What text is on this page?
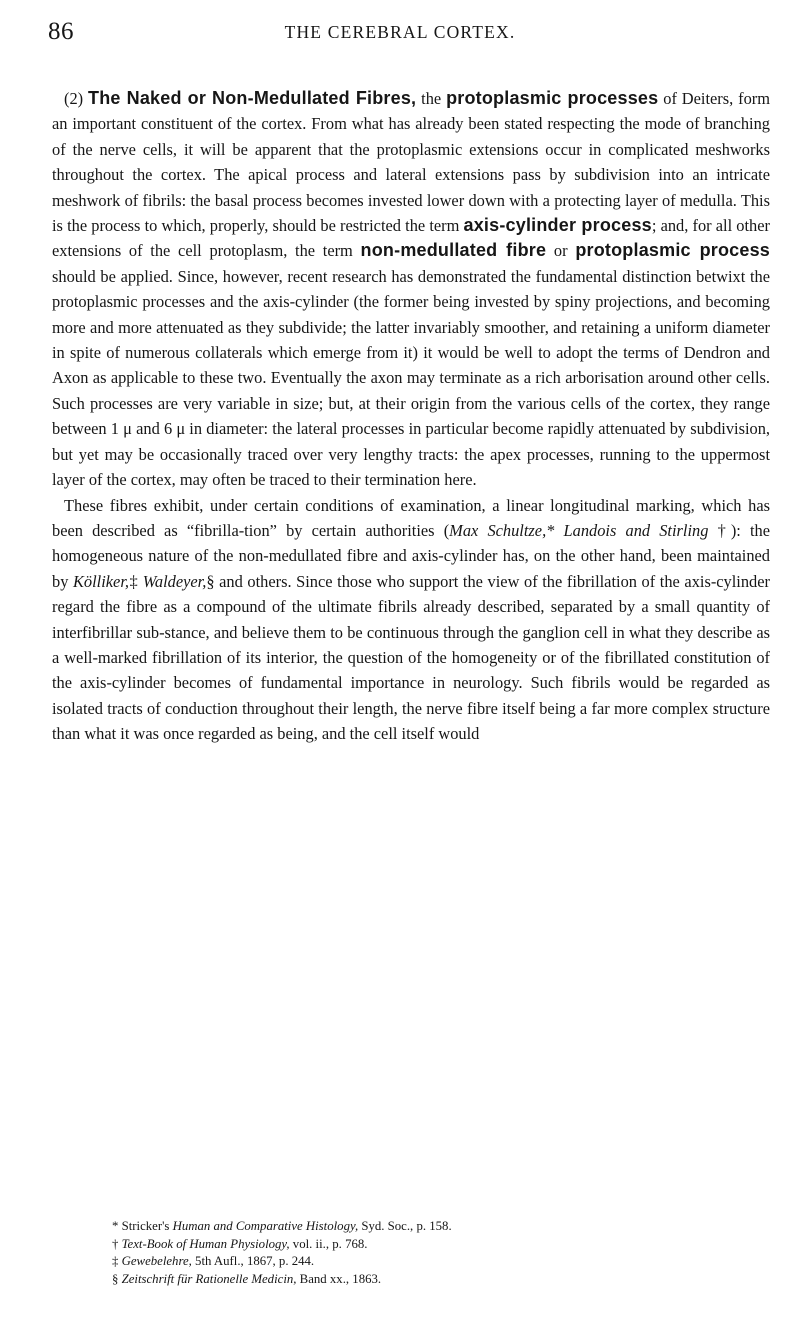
86	THE CEREBRAL CORTEX.

(2) The Naked or Non-Medullated Fibres, the protoplasmic processes of Deiters, form an important constituent of the cortex. From what has already been stated respecting the mode of branching of the nerve cells, it will be apparent that the protoplasmic extensions occur in complicated meshworks throughout the cortex. The apical process and lateral extensions pass by subdivision into an intricate meshwork of fibrils: the basal process becomes invested lower down with a protecting layer of medulla. This is the process to which, properly, should be restricted the term axis-cylinder process; and, for all other extensions of the cell protoplasm, the term non-medullated fibre or protoplasmic process should be applied. Since, however, recent research has demonstrated the fundamental distinction betwixt the protoplasmic processes and the axis-cylinder (the former being invested by spiny projections, and becoming more and more attenuated as they subdivide; the latter invariably smoother, and retaining a uniform diameter in spite of numerous collaterals which emerge from it) it would be well to adopt the terms of Dendron and Axon as applicable to these two. Eventually the axon may terminate as a rich arborisation around other cells. Such processes are very variable in size; but, at their origin from the various cells of the cortex, they range between 1 μ and 6 μ in diameter: the lateral processes in particular become rapidly attenuated by subdivision, but yet may be occasionally traced over very lengthy tracts: the apex processes, running to the uppermost layer of the cortex, may often be traced to their termination here.

These fibres exhibit, under certain conditions of examination, a linear longitudinal marking, which has been described as “fibrilla-tion” by certain authorities (Max Schultze,* Landois and Stirling †): the homogeneous nature of the non-medullated fibre and axis-cylinder has, on the other hand, been maintained by Kölliker,‡ Waldeyer,§ and others. Since those who support the view of the fibrillation of the axis-cylinder regard the fibre as a compound of the ultimate fibrils already described, separated by a small quantity of interfibrillar sub-stance, and believe them to be continuous through the ganglion cell in what they describe as a well-marked fibrillation of its interior, the question of the homogeneity or of the fibrillated constitution of the axis-cylinder becomes of fundamental importance in neurology. Such fibrils would be regarded as isolated tracts of conduction throughout their length, the nerve fibre itself being a far more complex structure than what it was once regarded as being, and the cell itself would

* Stricker's Human and Comparative Histology, Syd. Soc., p. 158.
† Text-Book of Human Physiology, vol. ii., p. 768.
‡ Gewebelehre, 5th Aufl., 1867, p. 244.
§ Zeitschrift für Rationelle Medicin, Band xx., 1863.
